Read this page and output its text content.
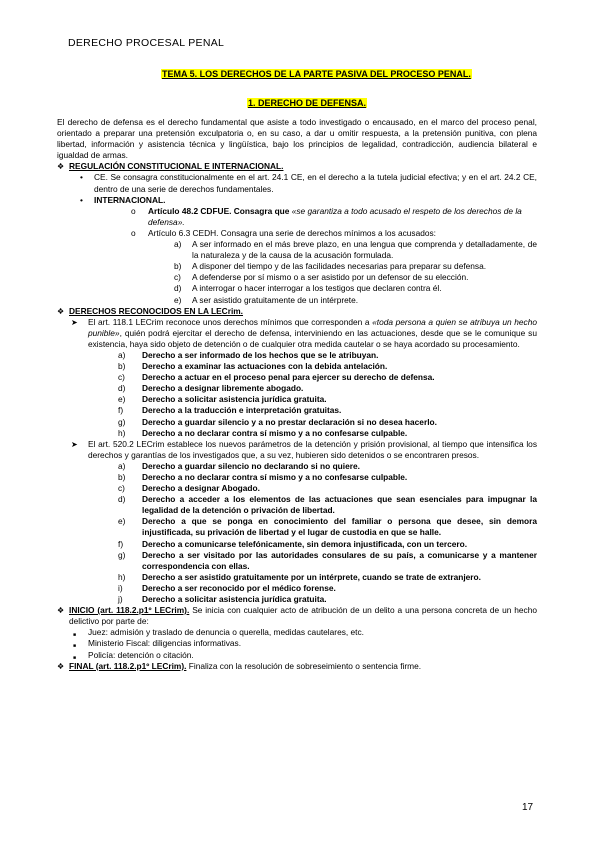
DERECHO PROCESAL PENAL
TEMA 5. LOS DERECHOS DE LA PARTE PASIVA DEL PROCESO PENAL.
1. DERECHO DE DEFENSA.

El derecho de defensa es el derecho fundamental que asiste a todo investigado o encausado, en el marco del proceso penal, orientado a preparar una pretensión exculpatoria o, en su caso, a dar u omitir respuesta, a la pretensión punitiva, con plena libertad, información y asistencia técnica y lingüística, bajo los principios de legalidad, contradicción, audiencia bilateral e igualdad de armas.

❖ REGULACIÓN CONSTITUCIONAL E INTERNACIONAL.
•	CE. Se consagra constitucionalmente en el art. 24.1 CE, en el derecho a la tutela judicial efectiva; y en el art. 24.2 CE, dentro de una serie de derechos fundamentales.
•	INTERNACIONAL.
o	Artículo 48.2 CDFUE. Consagra que «se garantiza a todo acusado el respeto de los derechos de la defensa».
o	Artículo 6.3 CEDH. Consagra una serie de derechos mínimos a los acusados:
a)	A ser informado en el más breve plazo, en una lengua que comprenda y detalladamente, de la naturaleza y de la causa de la acusación formulada.
b)	A disponer del tiempo y de las facilidades necesarias para preparar su defensa.
c)	A defenderse por sí mismo o a ser asistido por un defensor de su elección.
d)	A interrogar o hacer interrogar a los testigos que declaren contra él.
e)	A ser asistido gratuitamente de un intérprete.
❖ DERECHOS RECONOCIDOS EN LA LECrim.
➤	El art. 118.1 LECrim reconoce unos derechos mínimos que corresponden a «toda persona a quien se atribuya un hecho punible», quién podrá ejercitar el derecho de defensa, interviniendo en las actuaciones, desde que se le comunique su existencia, haya sido objeto de detención o de cualquier otra medida cautelar o se haya acordado su procesamiento.
a)	Derecho a ser informado de los hechos que se le atribuyan.
b)	Derecho a examinar las actuaciones con la debida antelación.
c)	Derecho a actuar en el proceso penal para ejercer su derecho de defensa.
d)	Derecho a designar libremente abogado.
e)	Derecho a solicitar asistencia jurídica gratuita.
f)	Derecho a la traducción e interpretación gratuitas.
g)	Derecho a guardar silencio y a no prestar declaración si no desea hacerlo.
h)	Derecho a no declarar contra sí mismo y a no confesarse culpable.
➤	El art. 520.2 LECrim establece los nuevos parámetros de la detención y prisión provisional, al tiempo que intensifica los derechos y garantías de los investigados que, a su vez, hubieren sido detenidos o se encontraren presos.
a)	Derecho a guardar silencio no declarando si no quiere.
b)	Derecho a no declarar contra sí mismo y a no confesarse culpable.
c)	Derecho a designar Abogado.
d)	Derecho a acceder a los elementos de las actuaciones que sean esenciales para impugnar la legalidad de la detención o privación de libertad.
e)	Derecho a que se ponga en conocimiento del familiar o persona que desee, sin demora injustificada, su privación de libertad y el lugar de custodia en que se halle.
f)	Derecho a comunicarse telefónicamente, sin demora injustificada, con un tercero.
g)	Derecho a ser visitado por las autoridades consulares de su país, a comunicarse y a mantener correspondencia con ellas.
h)	Derecho a ser asistido gratuitamente por un intérprete, cuando se trate de extranjero.
i)	Derecho a ser reconocido por el médico forense.
j)	Derecho a solicitar asistencia jurídica gratuita.
❖ INICIO (art. 118.2.p1º LECrim). Se inicia con cualquier acto de atribución de un delito a una persona concreta de un hecho delictivo por parte de:
■	Juez: admisión y traslado de denuncia o querella, medidas cautelares, etc.
■	Ministerio Fiscal: diligencias informativas.
■	Policía: detención o citación.
❖ FINAL (art. 118.2.p1º LECrim). Finaliza con la resolución de sobreseimiento o sentencia firme.
17
